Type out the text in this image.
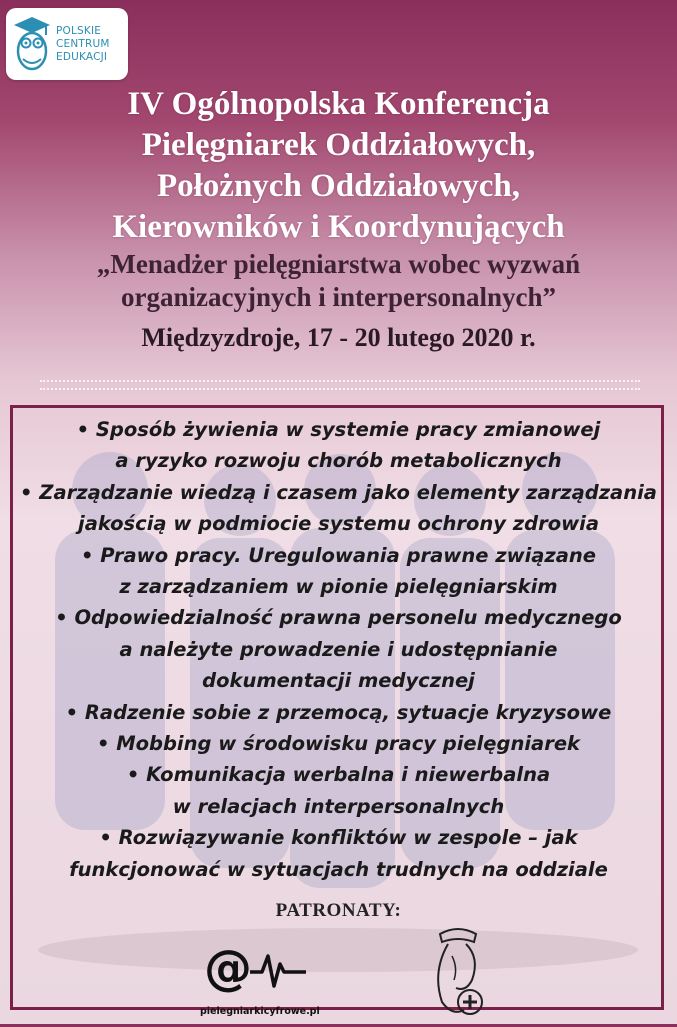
POLSKIE
CENTRUM
EDUKACJI
IV Ogólnopolska Konferencja
Pielęgniarek Oddziałowych,
Położnych Oddziałowych,
Kierowników i Koordynujących
„Menadżer pielęgniarstwa wobec wyzwań
organizacyjnych i interpersonalnych”
Międzyzdroje, 17 - 20 lutego 2020 r.
• Sposób żywienia w systemie pracy zmianowej
a ryzyko rozwoju chorób metabolicznych
• Zarządzanie wiedzą i czasem jako elementy zarządzania
jakością w podmiocie systemu ochrony zdrowia
• Prawo pracy. Uregulowania prawne związane
z zarządzaniem w pionie pielęgniarskim
• Odpowiedzialność prawna personelu medycznego
a należyte prowadzenie i udostępnianie
dokumentacji medycznej
• Radzenie sobie z przemocą, sytuacje kryzysowe
• Mobbing w środowisku pracy pielęgniarek
• Komunikacja werbalna i niewerbalna
w relacjach interpersonalnych
• Rozwiązywanie konfliktów w zespole – jak
funkcjonować w sytuacjach trudnych na oddziale
PATRONATY:
@
pielegniarkicyfrowe.pl
